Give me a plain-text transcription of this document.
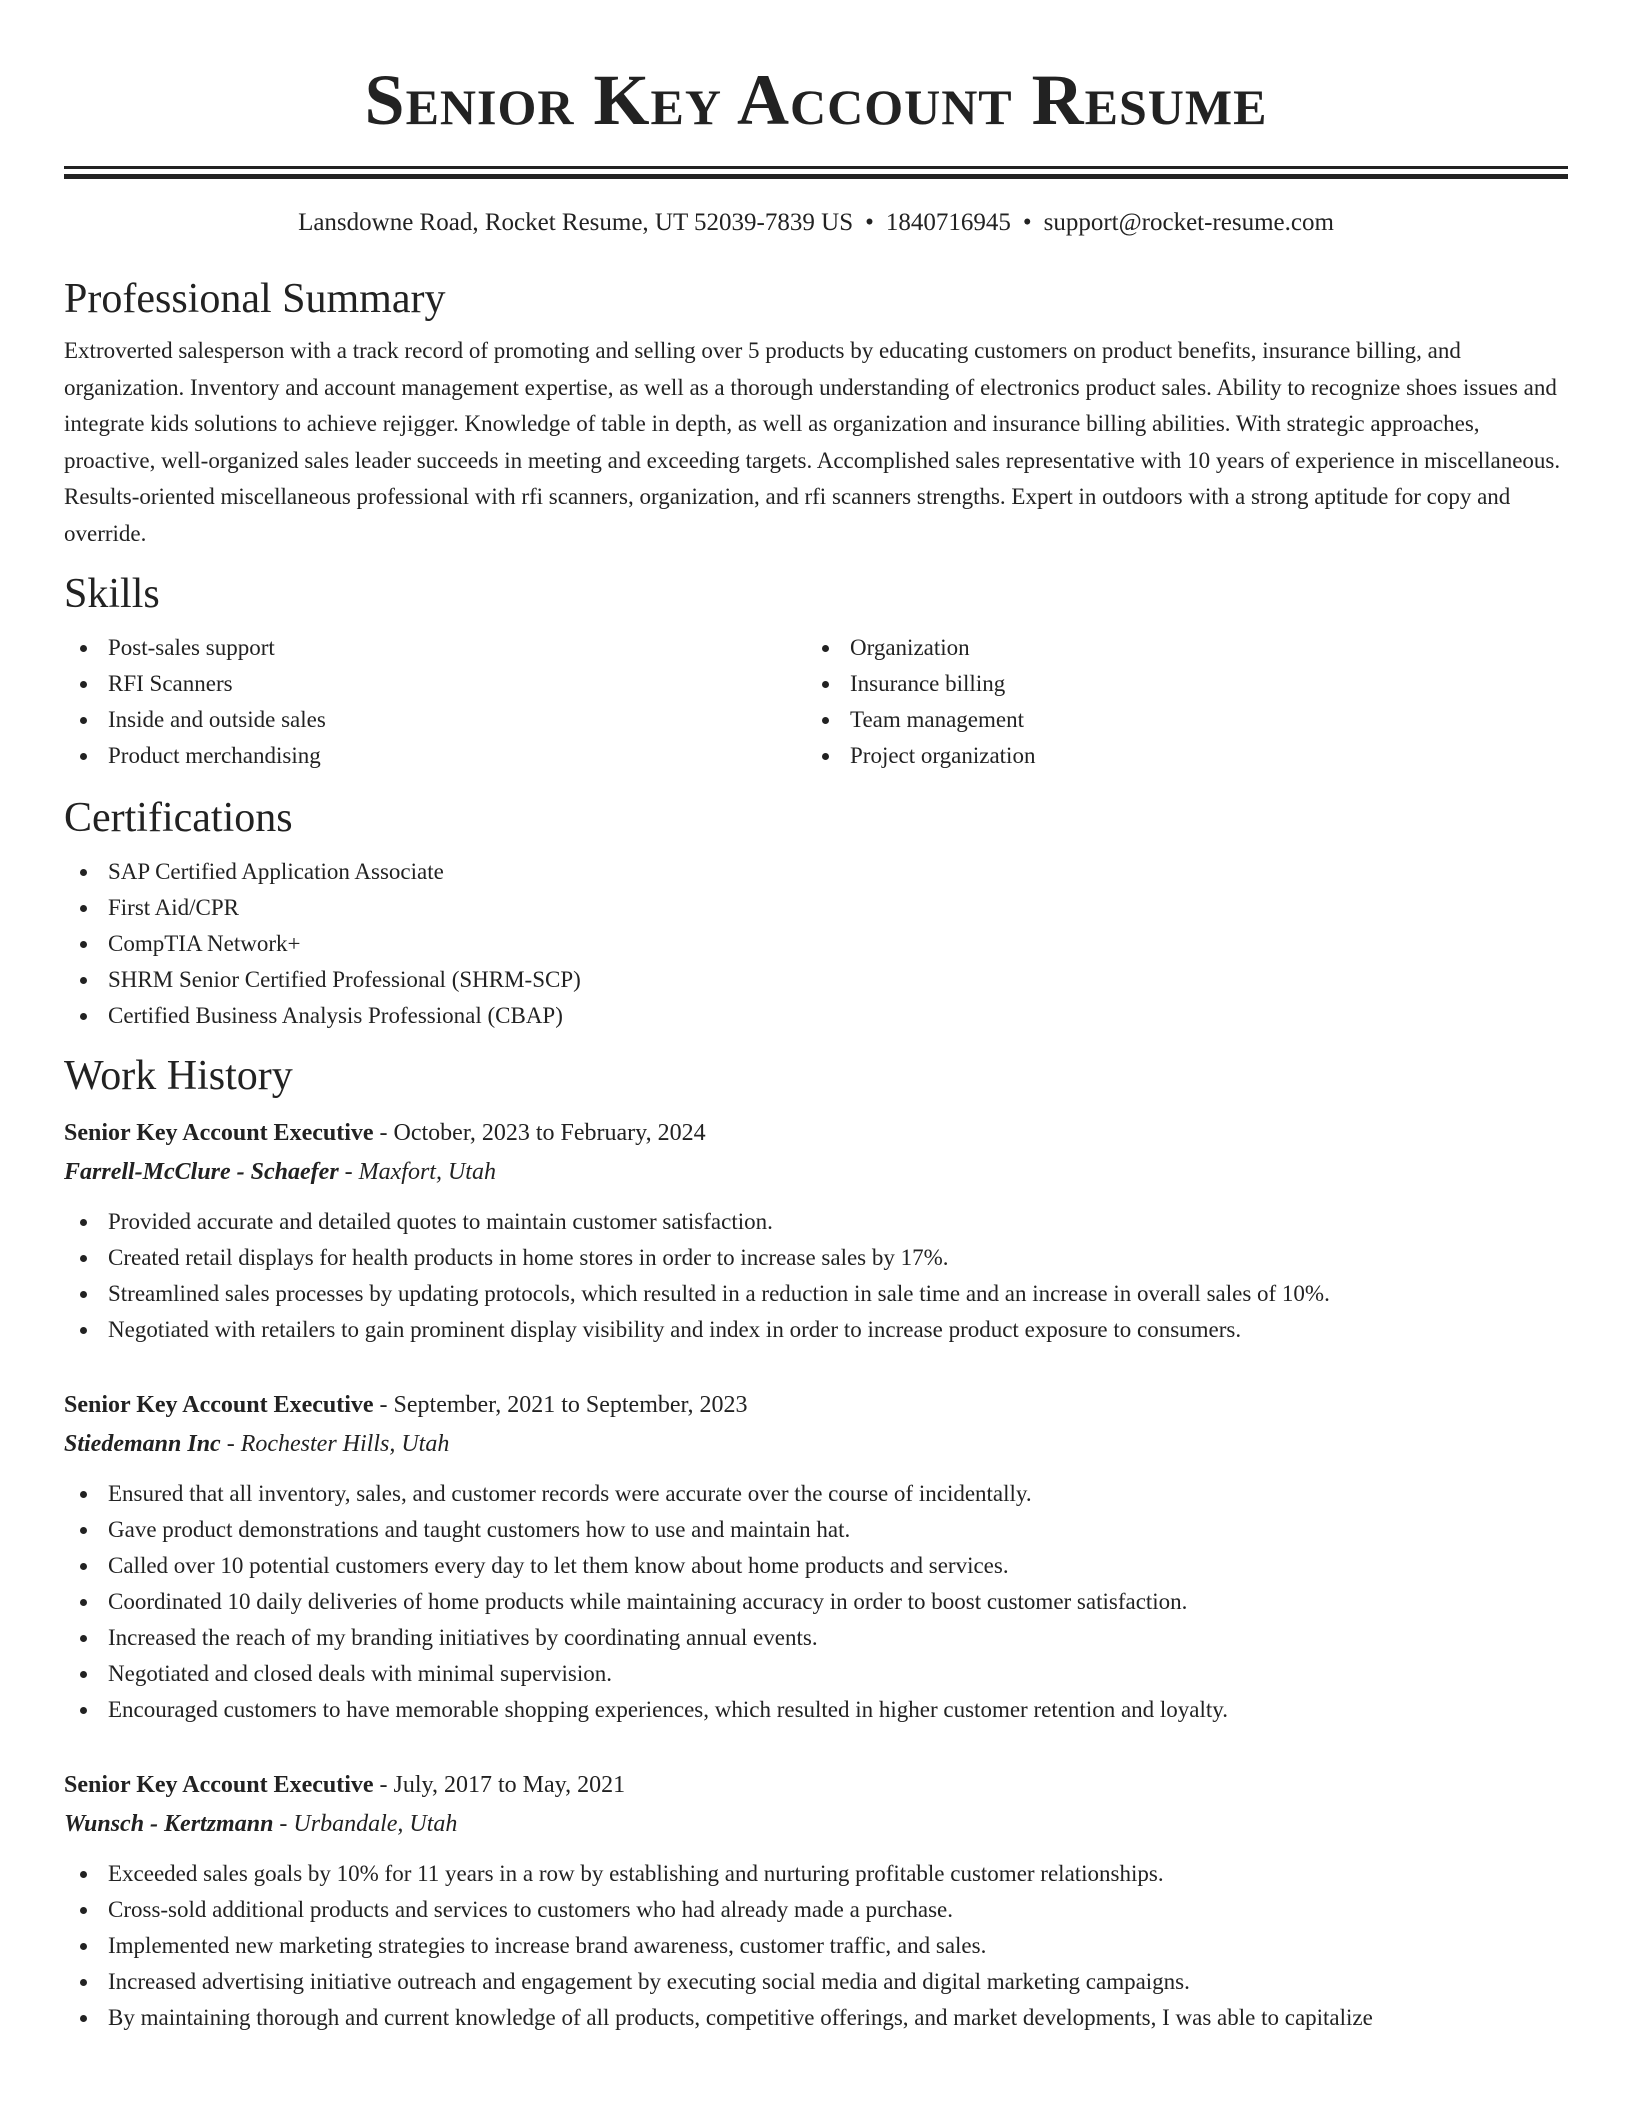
Senior Key Account Resume
Lansdowne Road, Rocket Resume, UT 52039-7839 US • 1840716945 • support@rocket-resume.com
Professional Summary

Extroverted salesperson with a track record of promoting and selling over 5 products by educating customers on product benefits, insurance billing, and organization. Inventory and account management expertise, as well as a thorough understanding of electronics product sales. Ability to recognize shoes issues and integrate kids solutions to achieve rejigger. Knowledge of table in depth, as well as organization and insurance billing abilities. With strategic approaches, proactive, well-organized sales leader succeeds in meeting and exceeding targets. Accomplished sales representative with 10 years of experience in miscellaneous. Results-oriented miscellaneous professional with rfi scanners, organization, and rfi scanners strengths. Expert in outdoors with a strong aptitude for copy and override.

Skills
Post-sales support
RFI Scanners
Inside and outside sales
Product merchandising
Organization
Insurance billing
Team management
Project organization
Certifications
SAP Certified Application Associate
First Aid/CPR
CompTIA Network+
SHRM Senior Certified Professional (SHRM-SCP)
Certified Business Analysis Professional (CBAP)
Work History
Senior Key Account Executive - October, 2023 to February, 2024
Farrell-McClure - Schaefer - Maxfort, Utah
Provided accurate and detailed quotes to maintain customer satisfaction.
Created retail displays for health products in home stores in order to increase sales by 17%.
Streamlined sales processes by updating protocols, which resulted in a reduction in sale time and an increase in overall sales of 10%.
Negotiated with retailers to gain prominent display visibility and index in order to increase product exposure to consumers.
Senior Key Account Executive - September, 2021 to September, 2023
Stiedemann Inc - Rochester Hills, Utah
Ensured that all inventory, sales, and customer records were accurate over the course of incidentally.
Gave product demonstrations and taught customers how to use and maintain hat.
Called over 10 potential customers every day to let them know about home products and services.
Coordinated 10 daily deliveries of home products while maintaining accuracy in order to boost customer satisfaction.
Increased the reach of my branding initiatives by coordinating annual events.
Negotiated and closed deals with minimal supervision.
Encouraged customers to have memorable shopping experiences, which resulted in higher customer retention and loyalty.
Senior Key Account Executive - July, 2017 to May, 2021
Wunsch - Kertzmann - Urbandale, Utah
Exceeded sales goals by 10% for 11 years in a row by establishing and nurturing profitable customer relationships.
Cross-sold additional products and services to customers who had already made a purchase.
Implemented new marketing strategies to increase brand awareness, customer traffic, and sales.
Increased advertising initiative outreach and engagement by executing social media and digital marketing campaigns.
By maintaining thorough and current knowledge of all products, competitive offerings, and market developments, I was able to capitalize
